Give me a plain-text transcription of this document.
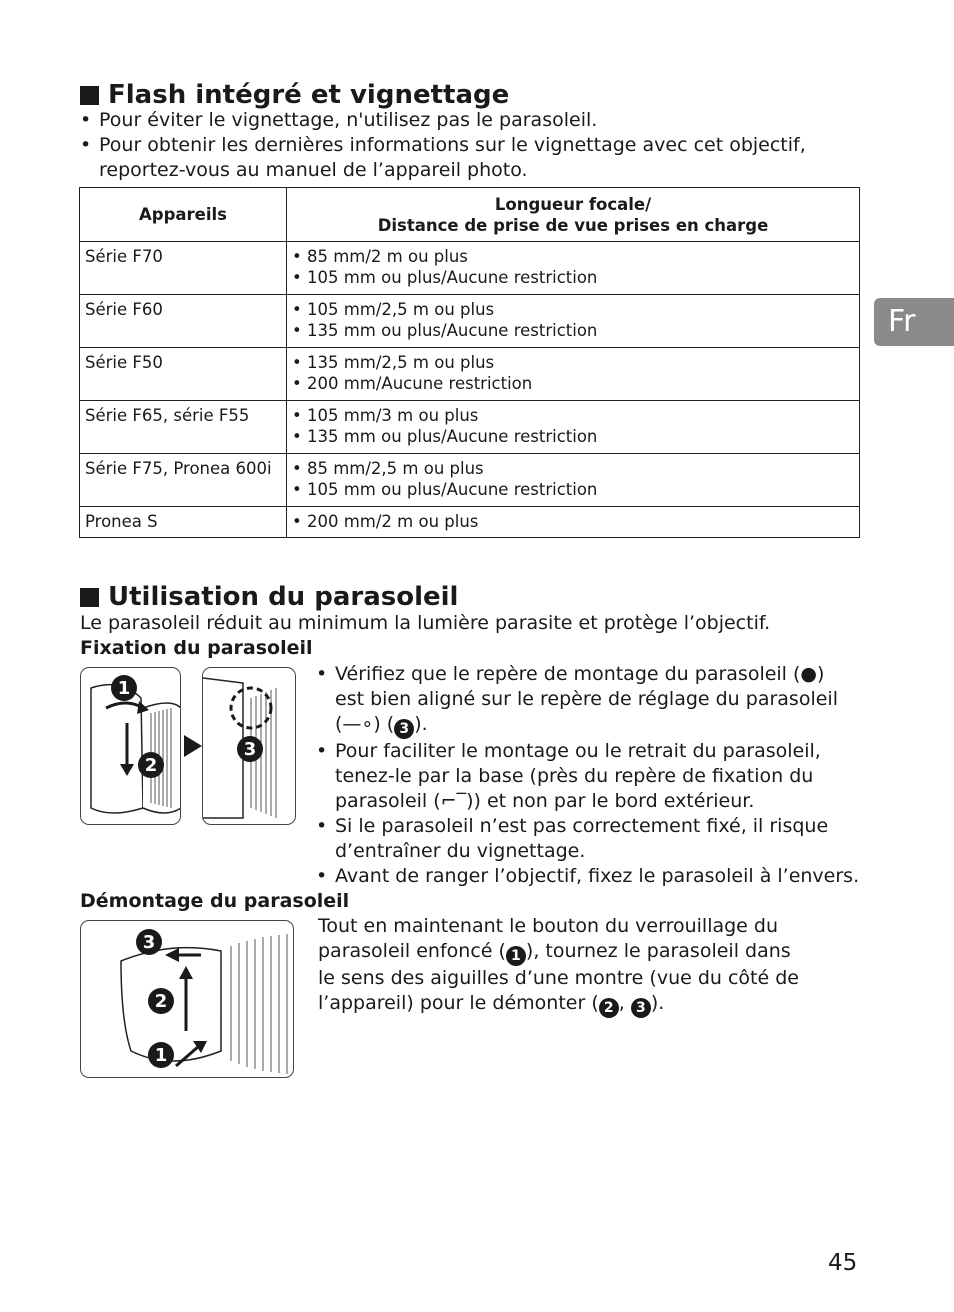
Flash intégré et vignettage
• Pour éviter le vignettage, n'utilisez pas le parasoleil.
• Pour obtenir les dernières informations sur le vignettage avec cet objectif, reportez-vous au manuel de l’appareil photo.
Appareils	Longueur focale/
Distance de prise de vue prises en charge
Série F70	• 85 mm/2 m ou plus
• 105 mm ou plus/Aucune restriction
Série F60	• 105 mm/2,5 m ou plus
• 135 mm ou plus/Aucune restriction
Série F50	• 135 mm/2,5 m ou plus
• 200 mm/Aucune restriction
Série F65, série F55	• 105 mm/3 m ou plus
• 135 mm ou plus/Aucune restriction
Série F75, Pronea 600i	• 85 mm/2,5 m ou plus
• 105 mm ou plus/Aucune restriction
Pronea S	• 200 mm/2 m ou plus
Fr
Utilisation du parasoleil
Le parasoleil réduit au minimum la lumière parasite et protège l’objectif.
Fixation du parasoleil
1
2
3
• Vérifiez que le repère de montage du parasoleil (●) est bien aligné sur le repère de réglage du parasoleil (—∘) ( 3 ).
• Pour faciliter le montage ou le retrait du parasoleil, tenez-le par la base (près du repère de fixation du parasoleil (⌐‾)) et non par le bord extérieur.
• Si le parasoleil n’est pas correctement fixé, il risque d’entraîner du vignettage.
• Avant de ranger l’objectif, fixez le parasoleil à l’envers.
Démontage du parasoleil
3
2
1
Tout en maintenant le bouton du verrouillage du parasoleil enfoncé ( 1 ), tournez le parasoleil dans le sens des aiguilles d’une montre (vue du côté de l’appareil) pour le démonter ( 2 , 3 ).
45
